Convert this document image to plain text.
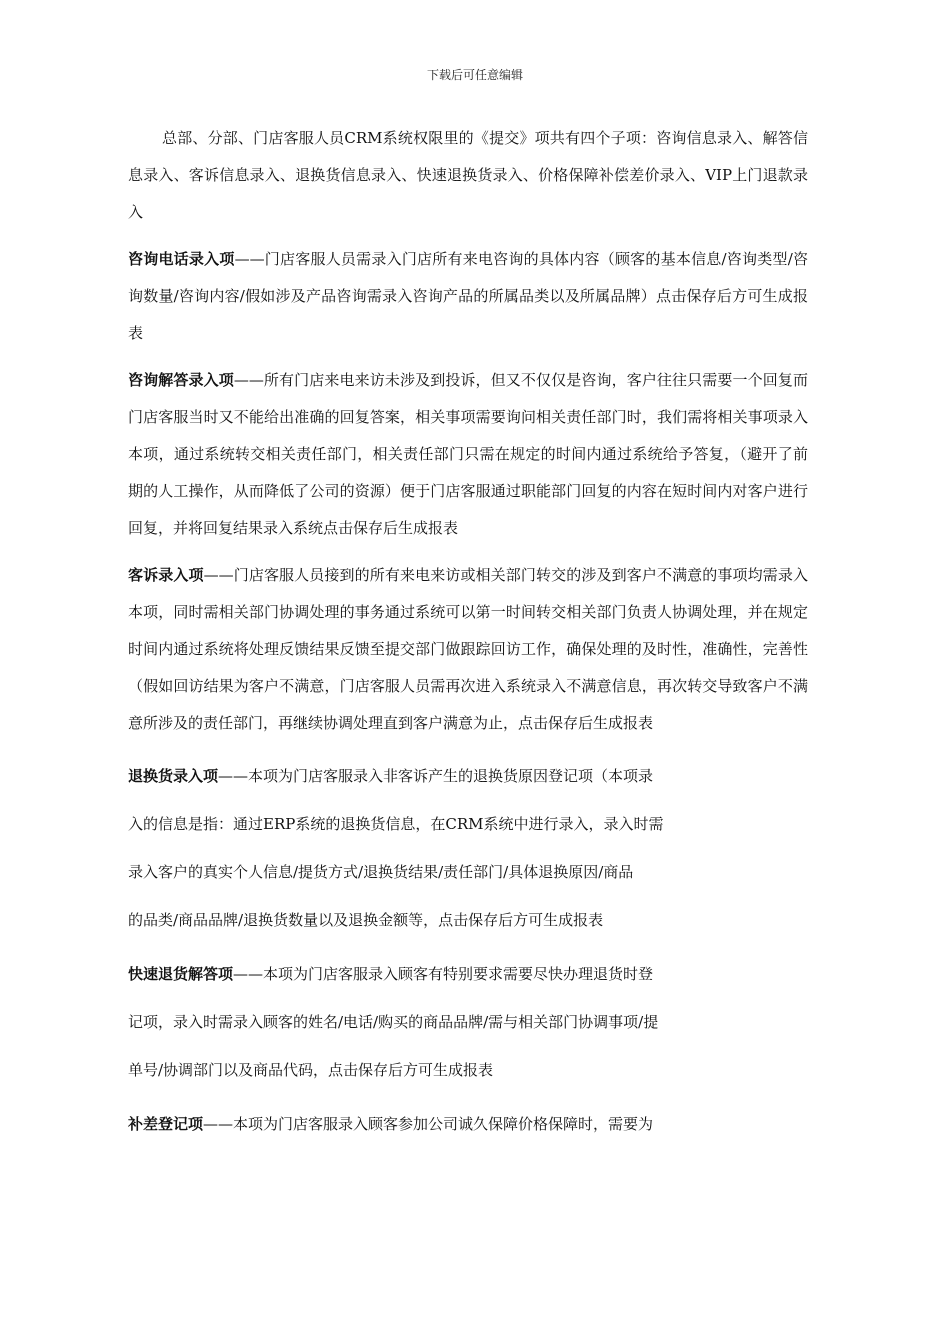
下载后可任意编辑

总部、分部、门店客服人员CRM系统权限里的《提交》项共有四个子项：咨询信息录入、解答信息录入、客诉信息录入、退换货信息录入、快速退换货录入、价格保障补偿差价录入、VIP上门退款录入

咨询电话录入项——门店客服人员需录入门店所有来电咨询的具体内容（顾客的基本信息/咨询类型/咨询数量/咨询内容/假如涉及产品咨询需录入咨询产品的所属品类以及所属品牌）点击保存后方可生成报表

咨询解答录入项——所有门店来电来访未涉及到投诉，但又不仅仅是咨询，客户往往只需要一个回复而门店客服当时又不能给出准确的回复答案，相关事项需要询问相关责任部门时，我们需将相关事项录入本项，通过系统转交相关责任部门，相关责任部门只需在规定的时间内通过系统给予答复，（避开了前期的人工操作，从而降低了公司的资源）便于门店客服通过职能部门回复的内容在短时间内对客户进行回复，并将回复结果录入系统点击保存后生成报表

客诉录入项——门店客服人员接到的所有来电来访或相关部门转交的涉及到客户不满意的事项均需录入本项，同时需相关部门协调处理的事务通过系统可以第一时间转交相关部门负责人协调处理，并在规定时间内通过系统将处理反馈结果反馈至提交部门做跟踪回访工作，确保处理的及时性，准确性，完善性（假如回访结果为客户不满意，门店客服人员需再次进入系统录入不满意信息，再次转交导致客户不满意所涉及的责任部门，再继续协调处理直到客户满意为止，点击保存后生成报表

退换货录入项——本项为门店客服录入非客诉产生的退换货原因登记项（本项录
入的信息是指：通过ERP系统的退换货信息，在CRM系统中进行录入，录入时需
录入客户的真实个人信息/提货方式/退换货结果/责任部门/具体退换原因/商品
的品类/商品品牌/退换货数量以及退换金额等，点击保存后方可生成报表

快速退货解答项——本项为门店客服录入顾客有特别要求需要尽快办理退货时登
记项，录入时需录入顾客的姓名/电话/购买的商品品牌/需与相关部门协调事项/提
单号/协调部门以及商品代码，点击保存后方可生成报表

补差登记项——本项为门店客服录入顾客参加公司诚久保障价格保障时，需要为
